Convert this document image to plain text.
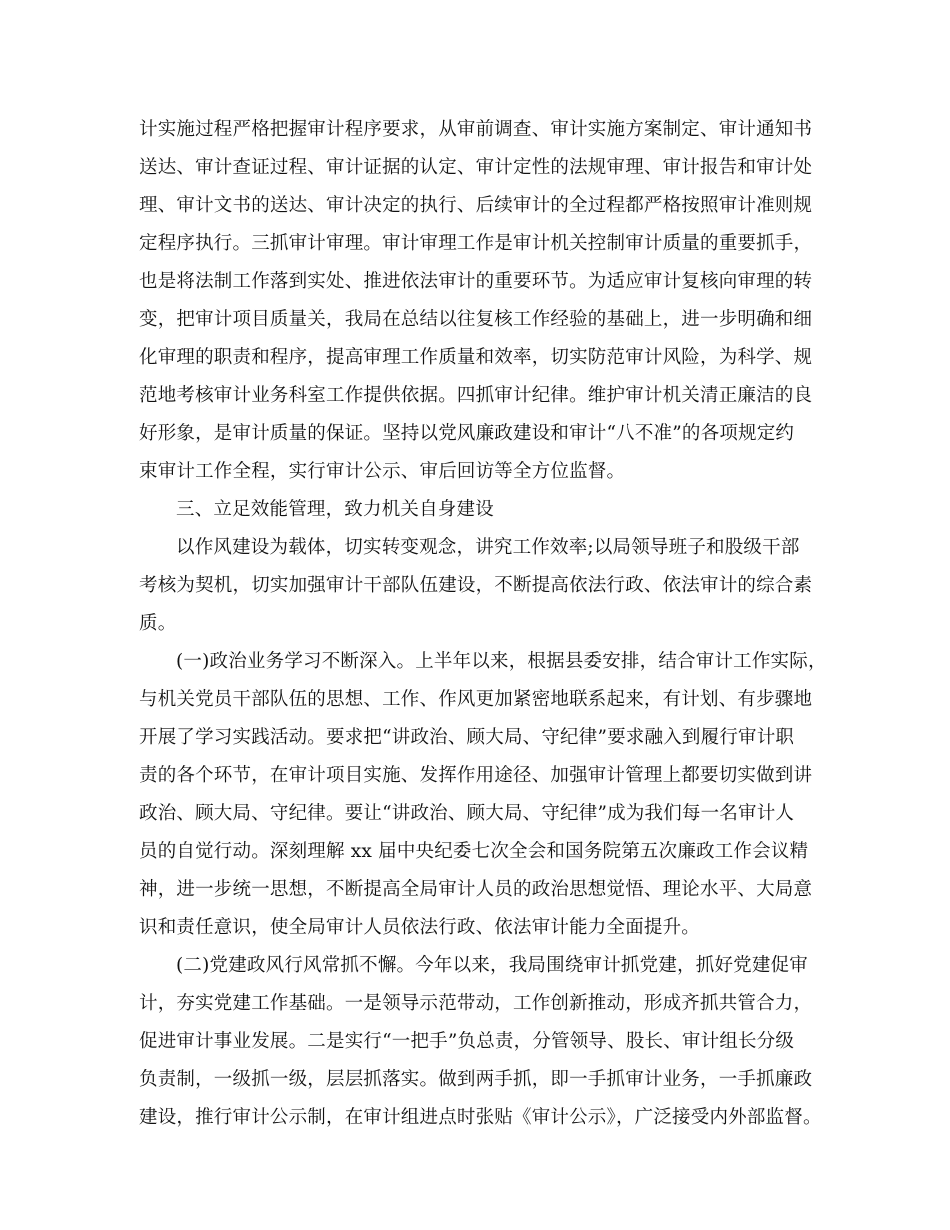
计实施过程严格把握审计程序要求，从审前调查、审计实施方案制定、审计通知书
送达、审计查证过程、审计证据的认定、审计定性的法规审理、审计报告和审计处
理、审计文书的送达、审计决定的执行、后续审计的全过程都严格按照审计准则规
定程序执行。三抓审计审理。审计审理工作是审计机关控制审计质量的重要抓手，
也是将法制工作落到实处、推进依法审计的重要环节。为适应审计复核向审理的转
变，把审计项目质量关，我局在总结以往复核工作经验的基础上，进一步明确和细
化审理的职责和程序，提高审理工作质量和效率，切实防范审计风险，为科学、规
范地考核审计业务科室工作提供依据。四抓审计纪律。维护审计机关清正廉洁的良
好形象，是审计质量的保证。坚持以党风廉政建设和审计“八不准”的各项规定约
束审计工作全程，实行审计公示、审后回访等全方位监督。
三、立足效能管理，致力机关自身建设
以作风建设为载体，切实转变观念，讲究工作效率;以局领导班子和股级干部
考核为契机，切实加强审计干部队伍建设，不断提高依法行政、依法审计的综合素
质。
(一)政治业务学习不断深入。上半年以来，根据县委安排，结合审计工作实际，
与机关党员干部队伍的思想、工作、作风更加紧密地联系起来，有计划、有步骤地
开展了学习实践活动。要求把“讲政治、顾大局、守纪律”要求融入到履行审计职
责的各个环节，在审计项目实施、发挥作用途径、加强审计管理上都要切实做到讲
政治、顾大局、守纪律。要让“讲政治、顾大局、守纪律”成为我们每一名审计人
员的自觉行动。深刻理解 xx 届中央纪委七次全会和国务院第五次廉政工作会议精
神，进一步统一思想，不断提高全局审计人员的政治思想觉悟、理论水平、大局意
识和责任意识，使全局审计人员依法行政、依法审计能力全面提升。
(二)党建政风行风常抓不懈。今年以来，我局围绕审计抓党建，抓好党建促审
计，夯实党建工作基础。一是领导示范带动，工作创新推动，形成齐抓共管合力，
促进审计事业发展。二是实行“一把手”负总责，分管领导、股长、审计组长分级
负责制，一级抓一级，层层抓落实。做到两手抓，即一手抓审计业务，一手抓廉政
建设，推行审计公示制，在审计组进点时张贴《审计公示》，广泛接受内外部监督。
